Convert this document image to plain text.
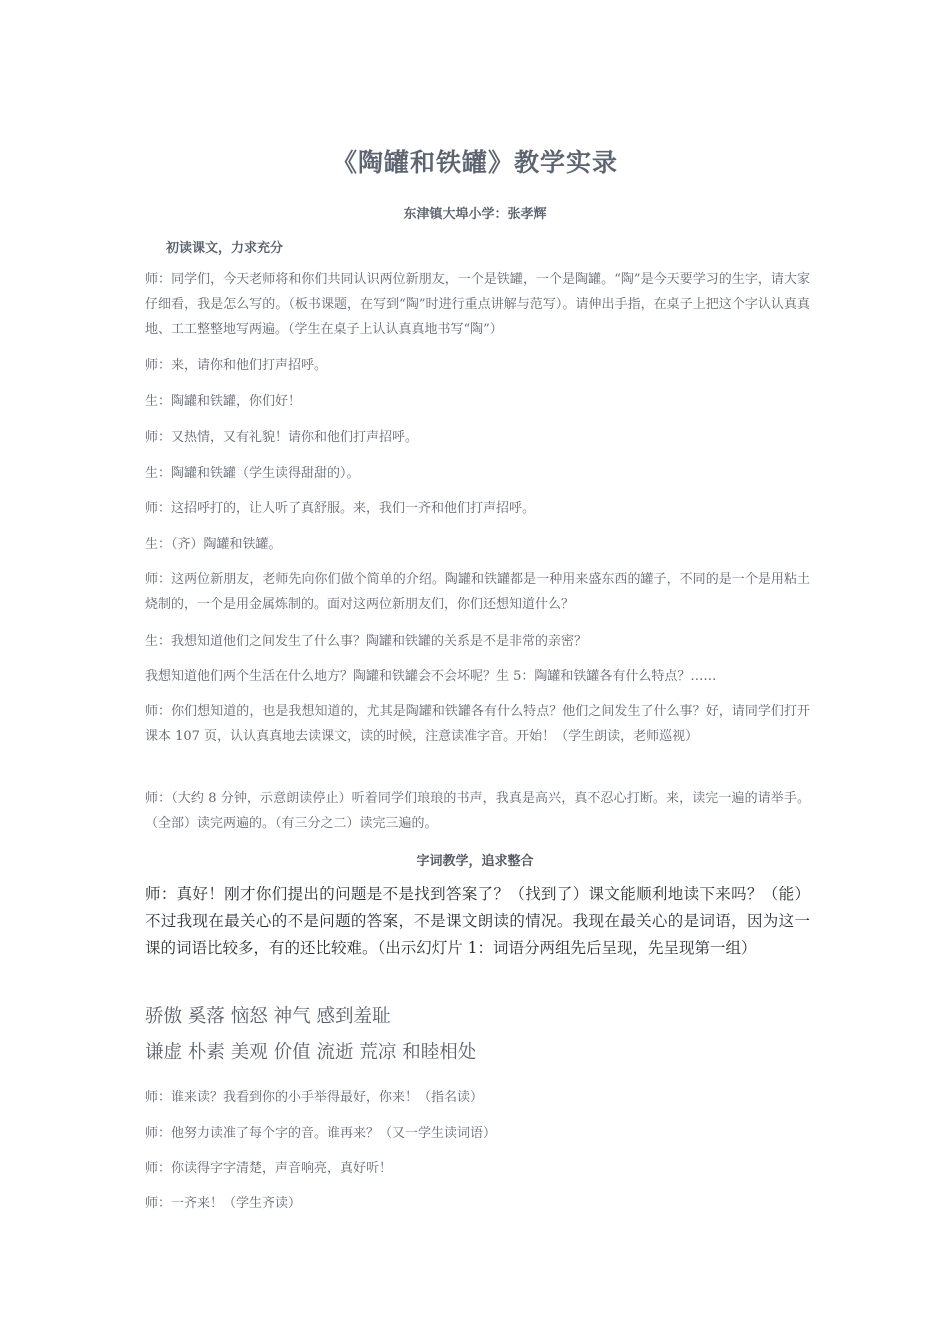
《陶罐和铁罐》教学实录
东津镇大埠小学：张孝辉
初读课文，力求充分
师：同学们，今天老师将和你们共同认识两位新朋友，一个是铁罐，一个是陶罐。“陶”是今天要学习的生字，请大家仔细看，我是怎么写的。（板书课题，在写到“陶”时进行重点讲解与范写）。请伸出手指，在桌子上把这个字认认真真地、工工整整地写两遍。（学生在桌子上认认真真地书写“陶”）
师：来，请你和他们打声招呼。
生：陶罐和铁罐，你们好！
师：又热情，又有礼貌！请你和他们打声招呼。
生：陶罐和铁罐（学生读得甜甜的）。
师：这招呼打的，让人听了真舒服。来，我们一齐和他们打声招呼。
生：（齐）陶罐和铁罐。
师：这两位新朋友，老师先向你们做个简单的介绍。陶罐和铁罐都是一种用来盛东西的罐子，不同的是一个是用粘土烧制的，一个是用金属炼制的。面对这两位新朋友们，你们还想知道什么？
生：我想知道他们之间发生了什么事？陶罐和铁罐的关系是不是非常的亲密？
我想知道他们两个生活在什么地方？陶罐和铁罐会不会坏呢？生 5：陶罐和铁罐各有什么特点？……
师：你们想知道的，也是我想知道的，尤其是陶罐和铁罐各有什么特点？他们之间发生了什么事？好，请同学们打开课本 107 页，认认真真地去读课文，读的时候，注意读准字音。开始！（学生朗读，老师巡视）
师：（大约 8 分钟，示意朗读停止）听着同学们琅琅的书声，我真是高兴，真不忍心打断。来，读完一遍的请举手。（全部）读完两遍的。（有三分之二）读完三遍的。
字词教学，追求整合
师：真好！刚才你们提出的问题是不是找到答案了？（找到了）课文能顺利地读下来吗？（能）不过我现在最关心的不是问题的答案，不是课文朗读的情况。我现在最关心的是词语，因为这一课的词语比较多，有的还比较难。（出示幻灯片 1：词语分两组先后呈现，先呈现第一组）
骄傲 奚落 恼怒 神气 感到羞耻
谦虚 朴素 美观 价值 流逝 荒凉 和睦相处
师：谁来读？我看到你的小手举得最好，你来！（指名读）
师：他努力读准了每个字的音。谁再来？（又一学生读词语）
师：你读得字字清楚，声音响亮，真好听！
师：一齐来！（学生齐读）
